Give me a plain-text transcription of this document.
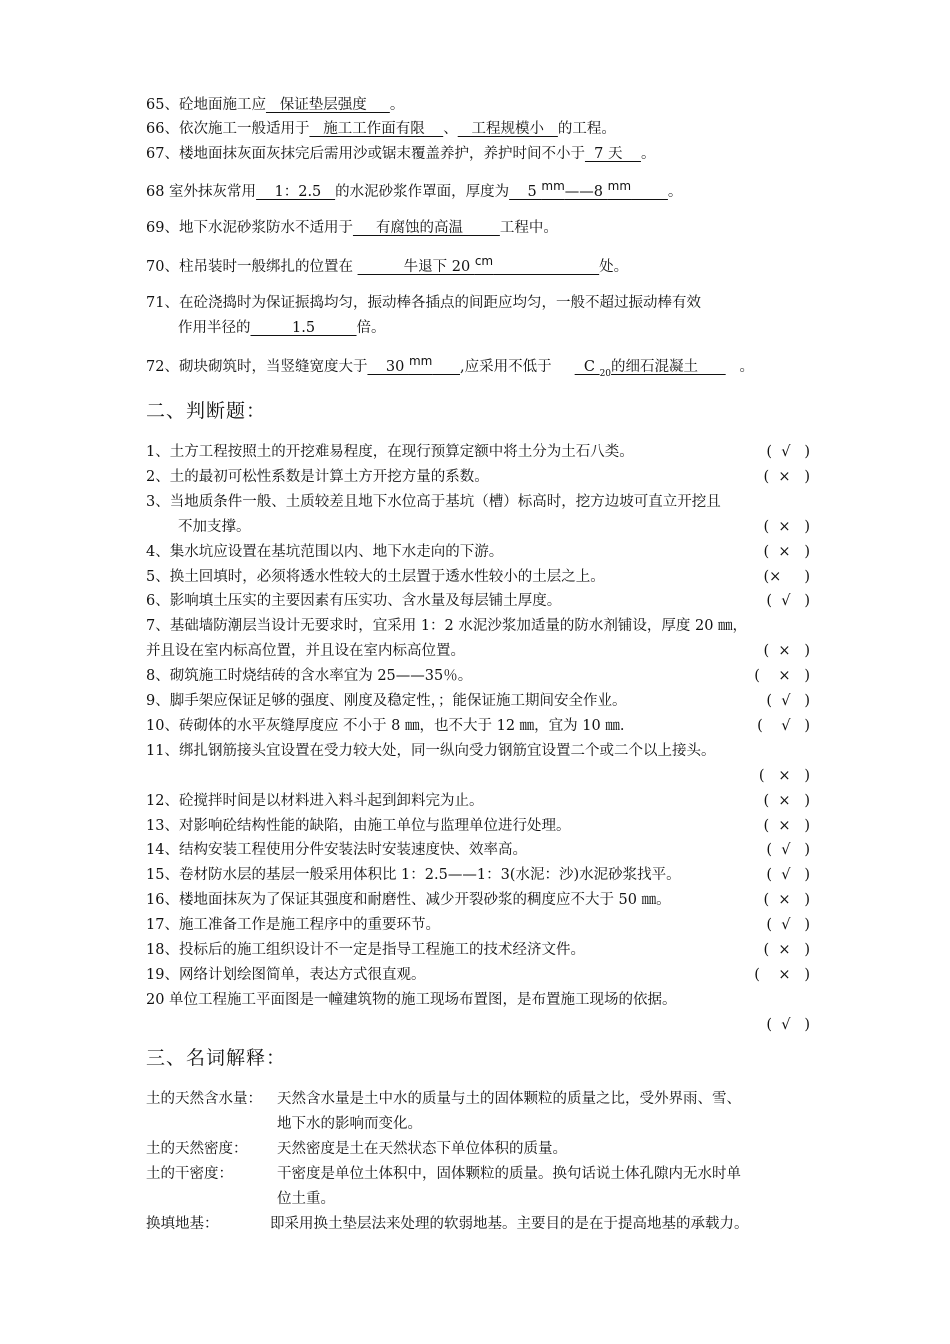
65、砼地面施工应   保证垫层强度     。
66、依次施工一般适用于   施工工作面有限    、   工程规模小   的工程。
67、楼地面抹灰面灰抹完后需用沙或锯末覆盖养护，养护时间不小于  7 天    。
68 室外抹灰常用    1：2.5   的水泥砂浆作罩面，厚度为    5 $^{mm}$——8 $^{mm}$	。
69、地下水泥砂浆防水不适用于     有腐蚀的高温        工程中。
70、柱吊装时一般绑扎的位置在           牛退下 20 $^{cm}$	处。
71、在砼浇捣时为保证振捣均匀，振动棒各插点的间距应均匀，一般不超过振动棒有效
作用半径的         1.5         倍。
72、砌块砌筑时，当竖缝宽度大于    30 $^{mm}$ ,应采用不低于       C $_{20}$的细石混凝土         。
二、判断题：
1、土方工程按照土的开挖难易程度，在现行预算定额中将土分为土石八类。	(  √   )
2、土的最初可松性系数是计算土方开挖方量的系数。	(  ×   )
3、当地质条件一般、土质较差且地下水位高于基坑（槽）标高时，挖方边坡可直立开挖且
不加支撑。	(  ×   )
4、集水坑应设置在基坑范围以内、地下水走向的下游。	(  ×   )
5、换土回填时，必须将透水性较大的土层置于透水性较小的土层之上。	(×     )
6、影响填土压实的主要因素有压实功、含水量及每层铺土厚度。	(  √   )
7、基础墙防潮层当设计无要求时，宜采用 1：2 水泥沙浆加适量的防水剂铺设，厚度 20 ㎜，
并且设在室内标高位置，并且设在室内标高位置。	(  ×   )
8、砌筑施工时烧结砖的含水率宜为 25——35％。	(    ×   )
9、脚手架应保证足够的强度、刚度及稳定性，；能保证施工期间安全作业。	(  √   )
10、砖砌体的水平灰缝厚度应 不小于 8 ㎜，也不大于 12 ㎜，宜为 10 ㎜.	(    √   )
11、绑扎钢筋接头宜设置在受力较大处，同一纵向受力钢筋宜设置二个或二个以上接头。
(   ×   )
12、砼搅拌时间是以材料进入料斗起到卸料完为止。	(  ×   )
13、对影响砼结构性能的缺陷，由施工单位与监理单位进行处理。	(  ×   )
14、结构安装工程使用分件安装法时安装速度快、效率高。	(  √   )
15、卷材防水层的基层一般采用体积比 1：2.5——1：3(水泥：沙)水泥砂浆找平。	(  √   )
16、楼地面抹灰为了保证其强度和耐磨性、减少开裂砂浆的稠度应不大于 50 ㎜。	(  ×   )
17、施工准备工作是施工程序中的重要环节。	(  √   )
18、投标后的施工组织设计不一定是指导工程施工的技术经济文件。	(  ×   )
19、网络计划绘图简单，表达方式很直观。	(    ×   )
20 单位工程施工平面图是一幢建筑物的施工现场布置图，是布置施工现场的依据。
(  √   )
三、名词解释：
土的天然含水量： 天然含水量是土中水的质量与土的固体颗粒的质量之比，受外界雨、雪、
地下水的影响而变化。
土的天然密度： 天然密度是土在天然状态下单位体积的质量。
土的干密度：	干密度是单位土体积中，固体颗粒的质量。换句话说土体孔隙内无水时单
位土重。
换填地基：	即采用换土垫层法来处理的软弱地基。主要目的是在于提高地基的承载力。
